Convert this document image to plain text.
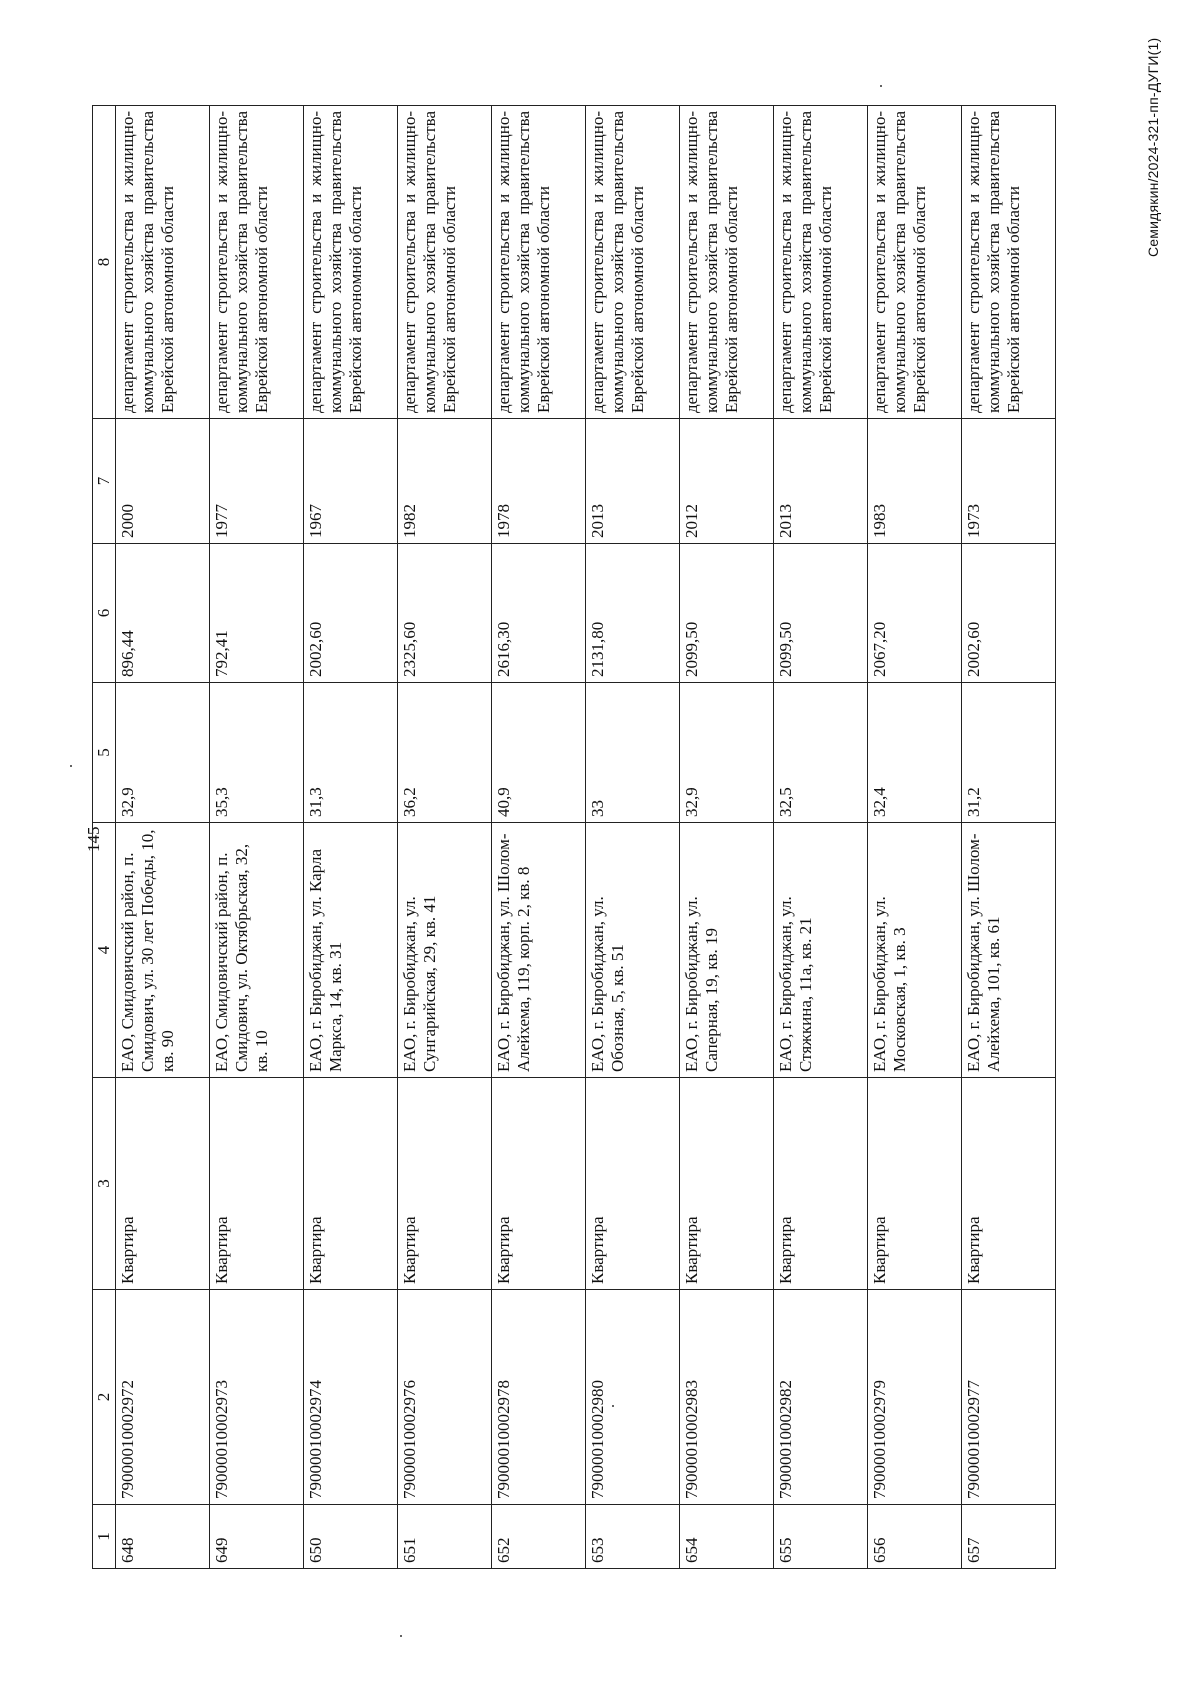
145
1	2	3	4	5	6	7	8
648	79000010002972	Квартира	ЕАО, Смидовичский район, п. Смидович, ул. 30 лет Победы, 10, кв. 90	32,9	896,44	2000	департамент строительства и жилищно-коммунального хозяйства правительства Еврейской автономной области
649	79000010002973	Квартира	ЕАО, Смидовичский район, п. Смидович, ул. Октябрьская, 32, кв. 10	35,3	792,41	1977	департамент строительства и жилищно-коммунального хозяйства правительства Еврейской автономной области
650	79000010002974	Квартира	ЕАО, г. Биробиджан, ул. Карла Маркса, 14, кв. 31	31,3	2002,60	1967	департамент строительства и жилищно-коммунального хозяйства правительства Еврейской автономной области
651	79000010002976	Квартира	ЕАО, г. Биробиджан, ул. Сунгарийская, 29, кв. 41	36,2	2325,60	1982	департамент строительства и жилищно-коммунального хозяйства правительства Еврейской автономной области
652	79000010002978	Квартира	ЕАО, г. Биробиджан, ул. Шолом-Алейхема, 119, корп. 2, кв. 8	40,9	2616,30	1978	департамент строительства и жилищно-коммунального хозяйства правительства Еврейской автономной области
653	79000010002980	Квартира	ЕАО, г. Биробиджан, ул. Обозная, 5, кв. 51	33	2131,80	2013	департамент строительства и жилищно-коммунального хозяйства правительства Еврейской автономной области
654	79000010002983	Квартира	ЕАО, г. Биробиджан, ул. Саперная, 19, кв. 19	32,9	2099,50	2012	департамент строительства и жилищно-коммунального хозяйства правительства Еврейской автономной области
655	79000010002982	Квартира	ЕАО, г. Биробиджан, ул. Стяжкина, 11а, кв. 21	32,5	2099,50	2013	департамент строительства и жилищно-коммунального хозяйства правительства Еврейской автономной области
656	79000010002979	Квартира	ЕАО, г. Биробиджан, ул. Московская, 1, кв. 3	32,4	2067,20	1983	департамент строительства и жилищно-коммунального хозяйства правительства Еврейской автономной области
657	79000010002977	Квартира	ЕАО, г. Биробиджан, ул. Шолом-Алейхема, 101, кв. 61	31,2	2002,60	1973	департамент строительства и жилищно-коммунального хозяйства правительства Еврейской автономной области
Семидякин/2024-321-пп-ДУГИ(1)
